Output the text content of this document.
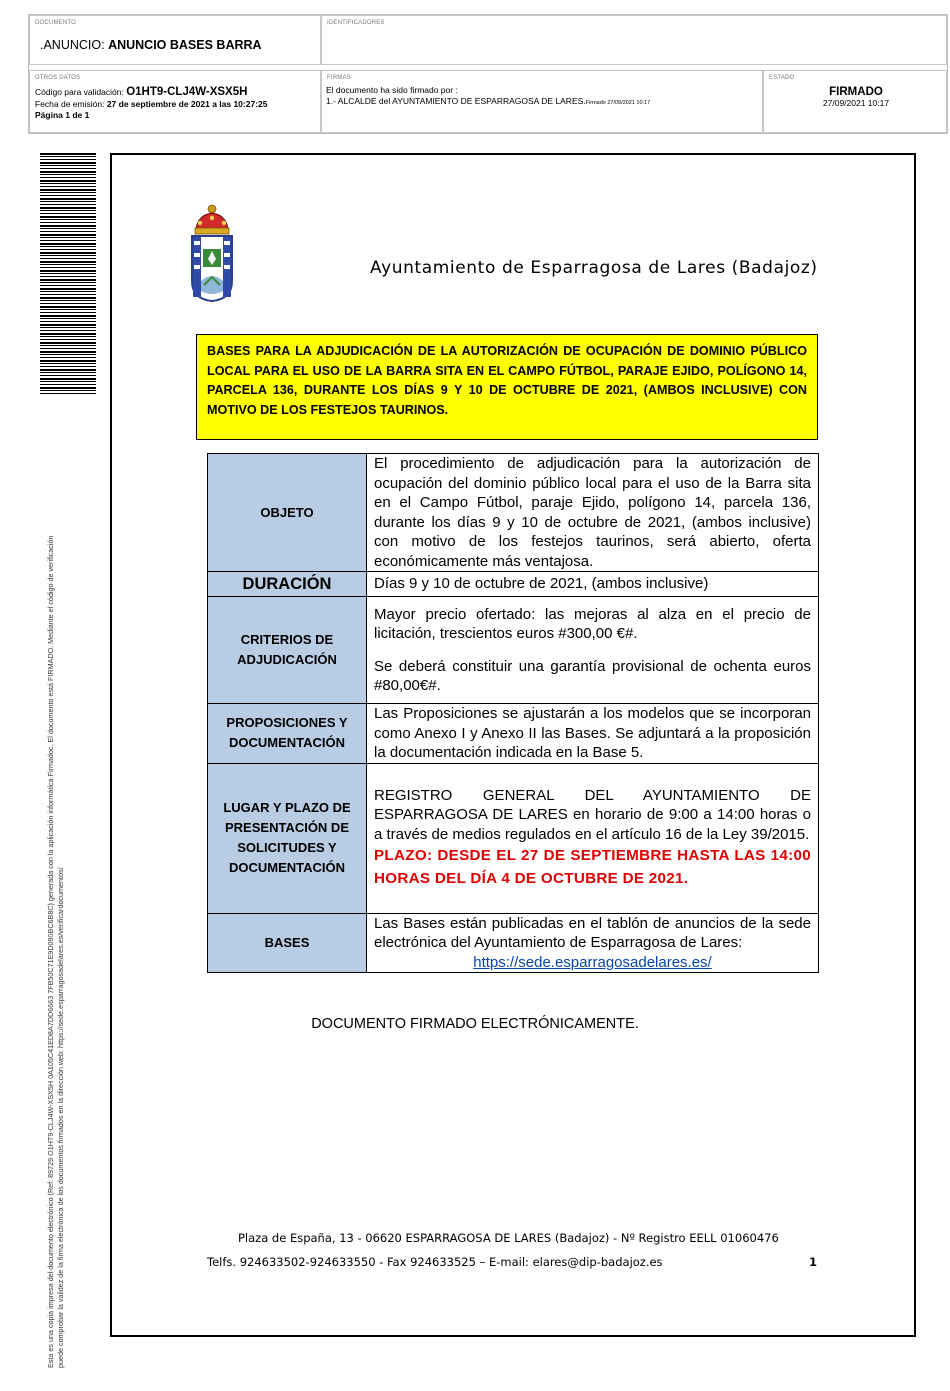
DOCUMENTO
.ANUNCIO: ANUNCIO BASES BARRA
IDENTIFICADORES
OTROS DATOS
Código para validación: O1HT9-CLJ4W-XSX5H
Fecha de emisión: 27 de septiembre de 2021 a las 10:27:25
Página 1 de 1
FIRMAS
El documento ha sido firmado por :
1.- ALCALDE del AYUNTAMIENTO DE ESPARRAGOSA DE LARES.Firmado 27/09/2021 10:17
ESTADO
FIRMADO
27/09/2021 10:17
Esta es una copia impresa del documento electrónico (Ref: 89729 O1HT9-CLJ4W-XSX5H 0A105C41ED8A7DD6663 7FB50C71E9D090BC6B8C) generada con la aplicación informática Firmadoc. El documento está FIRMADO. Mediante el código de verificación puede comprobar la validez de la firma electrónica de los documentos firmados en la dirección web: https://sede.esparragosadelares.es/verificardocumentos/
Ayuntamiento de Esparragosa de Lares (Badajoz)
BASES PARA LA ADJUDICACIÓN DE LA AUTORIZACIÓN DE OCUPACIÓN DE DOMINIO PÚBLICO LOCAL PARA EL USO DE LA BARRA SITA EN EL CAMPO FÚTBOL, PARAJE EJIDO, POLÍGONO 14, PARCELA 136, DURANTE LOS DÍAS 9 Y 10 DE OCTUBRE DE 2021, (AMBOS INCLUSIVE) CON MOTIVO DE LOS FESTEJOS TAURINOS.
OBJETO	El procedimiento de adjudicación para la autorización de ocupación del dominio público local para el uso de la Barra sita en el Campo Fútbol, paraje Ejido, polígono 14, parcela 136, durante los días 9 y 10 de octubre de 2021, (ambos inclusive) con motivo de los festejos taurinos, será abierto, oferta económicamente más ventajosa.
DURACIÓN	Días 9 y 10 de octubre de 2021, (ambos inclusive)
CRITERIOS DE ADJUDICACIÓN	Mayor precio ofertado: las mejoras al alza en el precio de licitación, trescientos euros #300,00 €#.
Se deberá constituir una garantía provisional de ochenta euros #80,00€#.

PROPOSICIONES Y DOCUMENTACIÓN	Las Proposiciones se ajustarán a los modelos que se incorporan como Anexo I y Anexo II las Bases. Se adjuntará a la proposición la documentación indicada en la Base 5.
LUGAR Y PLAZO DE PRESENTACIÓN DE SOLICITUDES Y DOCUMENTACIÓN	REGISTRO GENERAL DEL AYUNTAMIENTO DE ESPARRAGOSA DE LARES en horario de 9:00 a 14:00 horas o a través de medios regulados en el artículo 16 de la Ley 39/2015.
PLAZO: DESDE EL 27 DE SEPTIEMBRE HASTA LAS 14:00 HORAS DEL DÍA 4 DE OCTUBRE DE 2021.

BASES	Las Bases están publicadas en el tablón de anuncios de la sede electrónica del Ayuntamiento de Esparragosa de Lares:
https://sede.esparragosadelares.es/
DOCUMENTO FIRMADO ELECTRÓNICAMENTE.
Plaza de España, 13 - 06620 ESPARRAGOSA DE LARES (Badajoz) - Nº Registro EELL 01060476
Telfs. 924633502-924633550 - Fax 924633525 – E-mail: elares@dip-badajoz.es	1
